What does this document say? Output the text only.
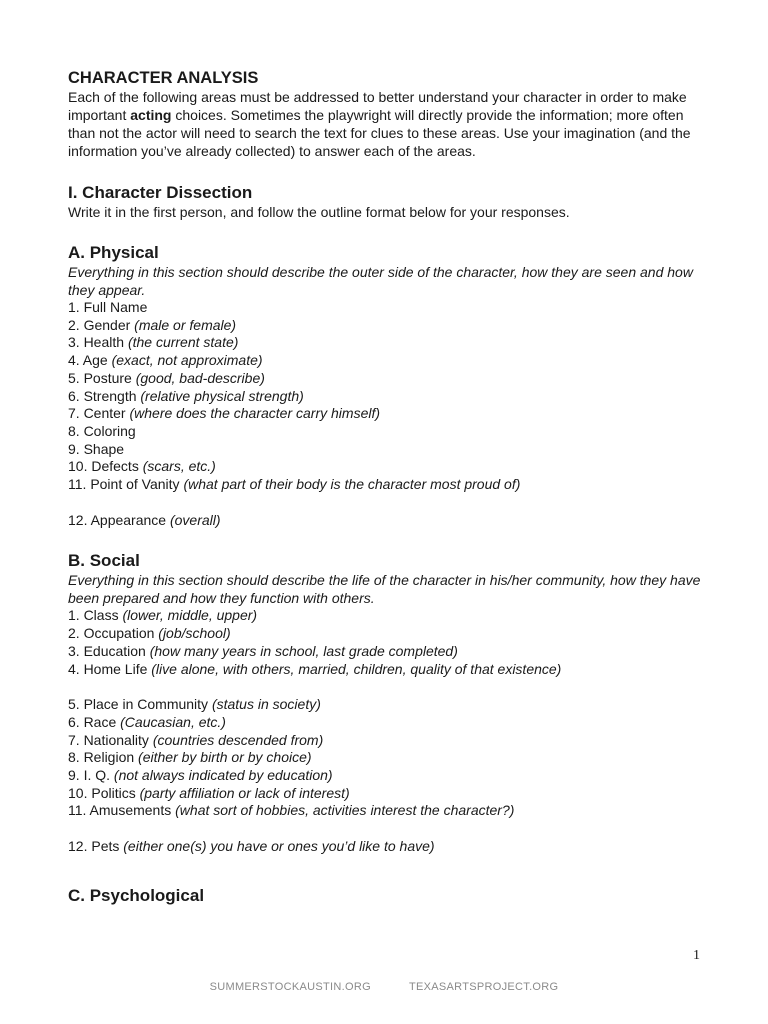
CHARACTER ANALYSIS

Each of the following areas must be addressed to better understand your character in order to make important acting choices. Sometimes the playwright will directly provide the information; more often than not the actor will need to search the text for clues to these areas. Use your imagination (and the information you’ve already collected) to answer each of the areas.

I. Character Dissection

Write it in the first person, and follow the outline format below for your responses.

A. Physical

Everything in this section should describe the outer side of the character, how they are seen and how they appear.

1. Full Name
2. Gender (male or female)
3. Health (the current state)
4. Age (exact, not approximate)
5. Posture (good, bad-describe)
6. Strength (relative physical strength)
7. Center (where does the character carry himself)
8. Coloring
9. Shape
10. Defects (scars, etc.)
11. Point of Vanity (what part of their body is the character most proud of)
12. Appearance (overall)
B. Social

Everything in this section should describe the life of the character in his/her community, how they have been prepared and how they function with others.

1. Class (lower, middle, upper)
2. Occupation (job/school)
3. Education (how many years in school, last grade completed)
4. Home Life (live alone, with others, married, children, quality of that existence)
5. Place in Community (status in society)
6. Race (Caucasian, etc.)
7. Nationality (countries descended from)
8. Religion (either by birth or by choice)
9. I. Q. (not always indicated by education)
10. Politics (party affiliation or lack of interest)
11. Amusements (what sort of hobbies, activities interest the character?)
12. Pets (either one(s) you have or ones you’d like to have)
C. Psychological
1
SUMMERSTOCKAUSTIN.ORG	TEXASARTSPROJECT.ORG
